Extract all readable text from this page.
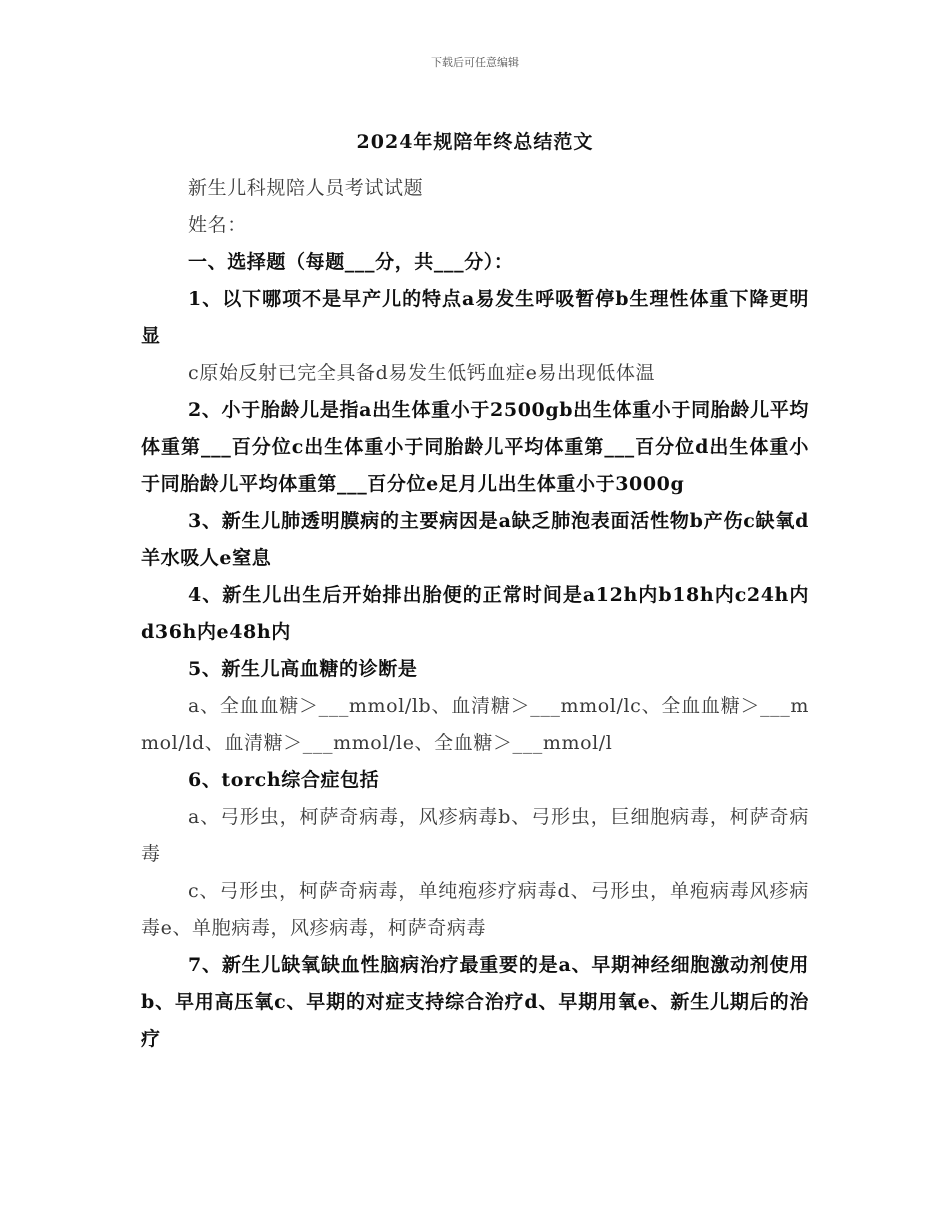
下载后可任意编辑
2024年规陪年终总结范文

新生儿科规陪人员考试试题

姓名：

一、选择题（每题___分，共___分）：

1、以下哪项不是早产儿的特点a易发生呼吸暂停b生理性体重下降更明显

c原始反射已完全具备d易发生低钙血症e易出现低体温

2、小于胎龄儿是指a出生体重小于2500gb出生体重小于同胎龄儿平均体重第___百分位c出生体重小于同胎龄儿平均体重第___百分位d出生体重小于同胎龄儿平均体重第___百分位e足月儿出生体重小于3000g

3、新生儿肺透明膜病的主要病因是a缺乏肺泡表面活性物b产伤c缺氧d羊水吸人e窒息

4、新生儿出生后开始排出胎便的正常时间是a12h内b18h内c24h内d36h内e48h内

5、新生儿高血糖的诊断是

a、全血血糖＞___mmol/lb、血清糖＞___mmol/lc、全血血糖＞___mmol/ld、血清糖＞___mmol/le、全血糖＞___mmol/l

6、torch综合症包括

a、弓形虫，柯萨奇病毒，风疹病毒b、弓形虫，巨细胞病毒，柯萨奇病毒

c、弓形虫，柯萨奇病毒，单纯疱疹疗病毒d、弓形虫，单疱病毒风疹病毒e、单胞病毒，风疹病毒，柯萨奇病毒

7、新生儿缺氧缺血性脑病治疗最重要的是a、早期神经细胞激动剂使用b、早用高压氧c、早期的对症支持综合治疗d、早期用氧e、新生儿期后的治疗
